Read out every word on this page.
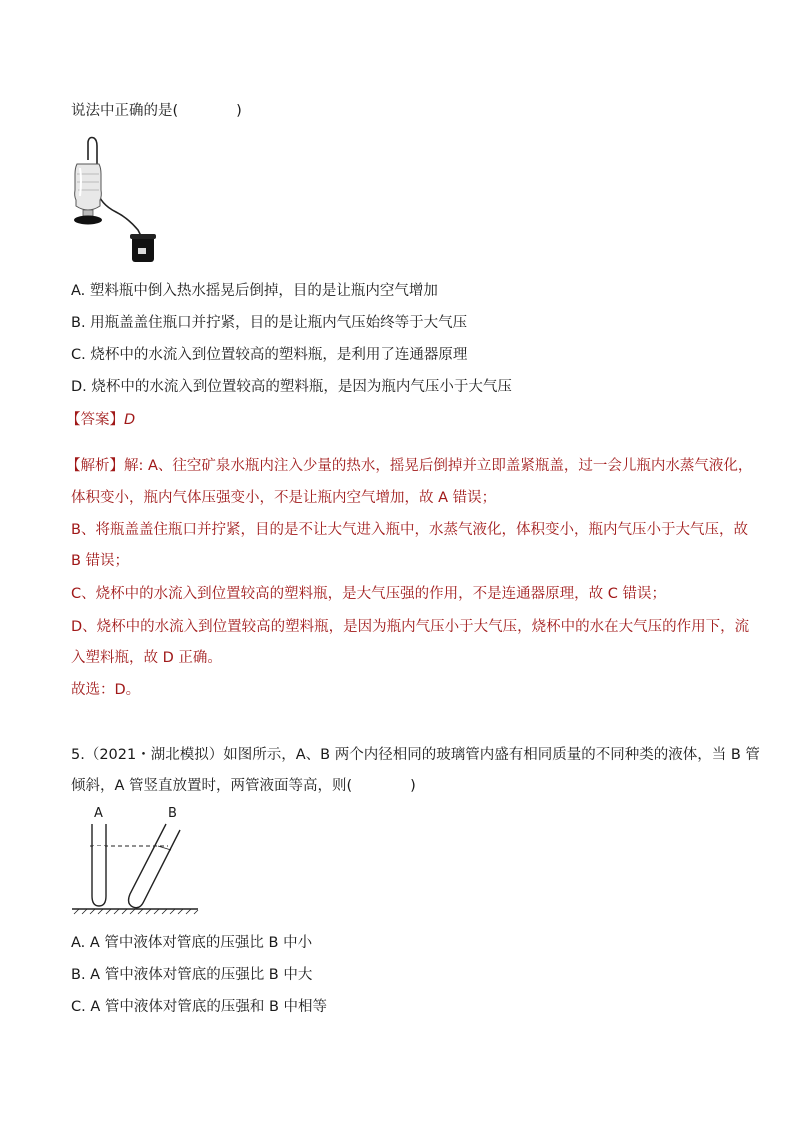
说法中正确的是(　　　　)
A. 塑料瓶中倒入热水摇晃后倒掉，目的是让瓶内空气增加
B. 用瓶盖盖住瓶口并拧紧，目的是让瓶内气压始终等于大气压
C. 烧杯中的水流入到位置较高的塑料瓶，是利用了连通器原理
D. 烧杯中的水流入到位置较高的塑料瓶，是因为瓶内气压小于大气压
【答案】D
【解析】解: A、往空矿泉水瓶内注入少量的热水，摇晃后倒掉并立即盖紧瓶盖，过一会儿瓶内水蒸气液化，
体积变小，瓶内气体压强变小，不是让瓶内空气增加，故 A 错误；
B、将瓶盖盖住瓶口并拧紧，目的是不让大气进入瓶中，水蒸气液化，体积变小，瓶内气压小于大气压，故
B 错误；
C、烧杯中的水流入到位置较高的塑料瓶，是大气压强的作用，不是连通器原理，故 C 错误；
D、烧杯中的水流入到位置较高的塑料瓶，是因为瓶内气压小于大气压，烧杯中的水在大气压的作用下，流
入塑料瓶，故 D 正确。
故选：D。
5.（2021・湖北模拟）如图所示，A、B 两个内径相同的玻璃管内盛有相同质量的不同种类的液体，当 B 管
倾斜，A 管竖直放置时，两管液面等高，则(　　　　)
A	B
A. A 管中液体对管底的压强比 B 中小
B. A 管中液体对管底的压强比 B 中大
C. A 管中液体对管底的压强和 B 中相等
